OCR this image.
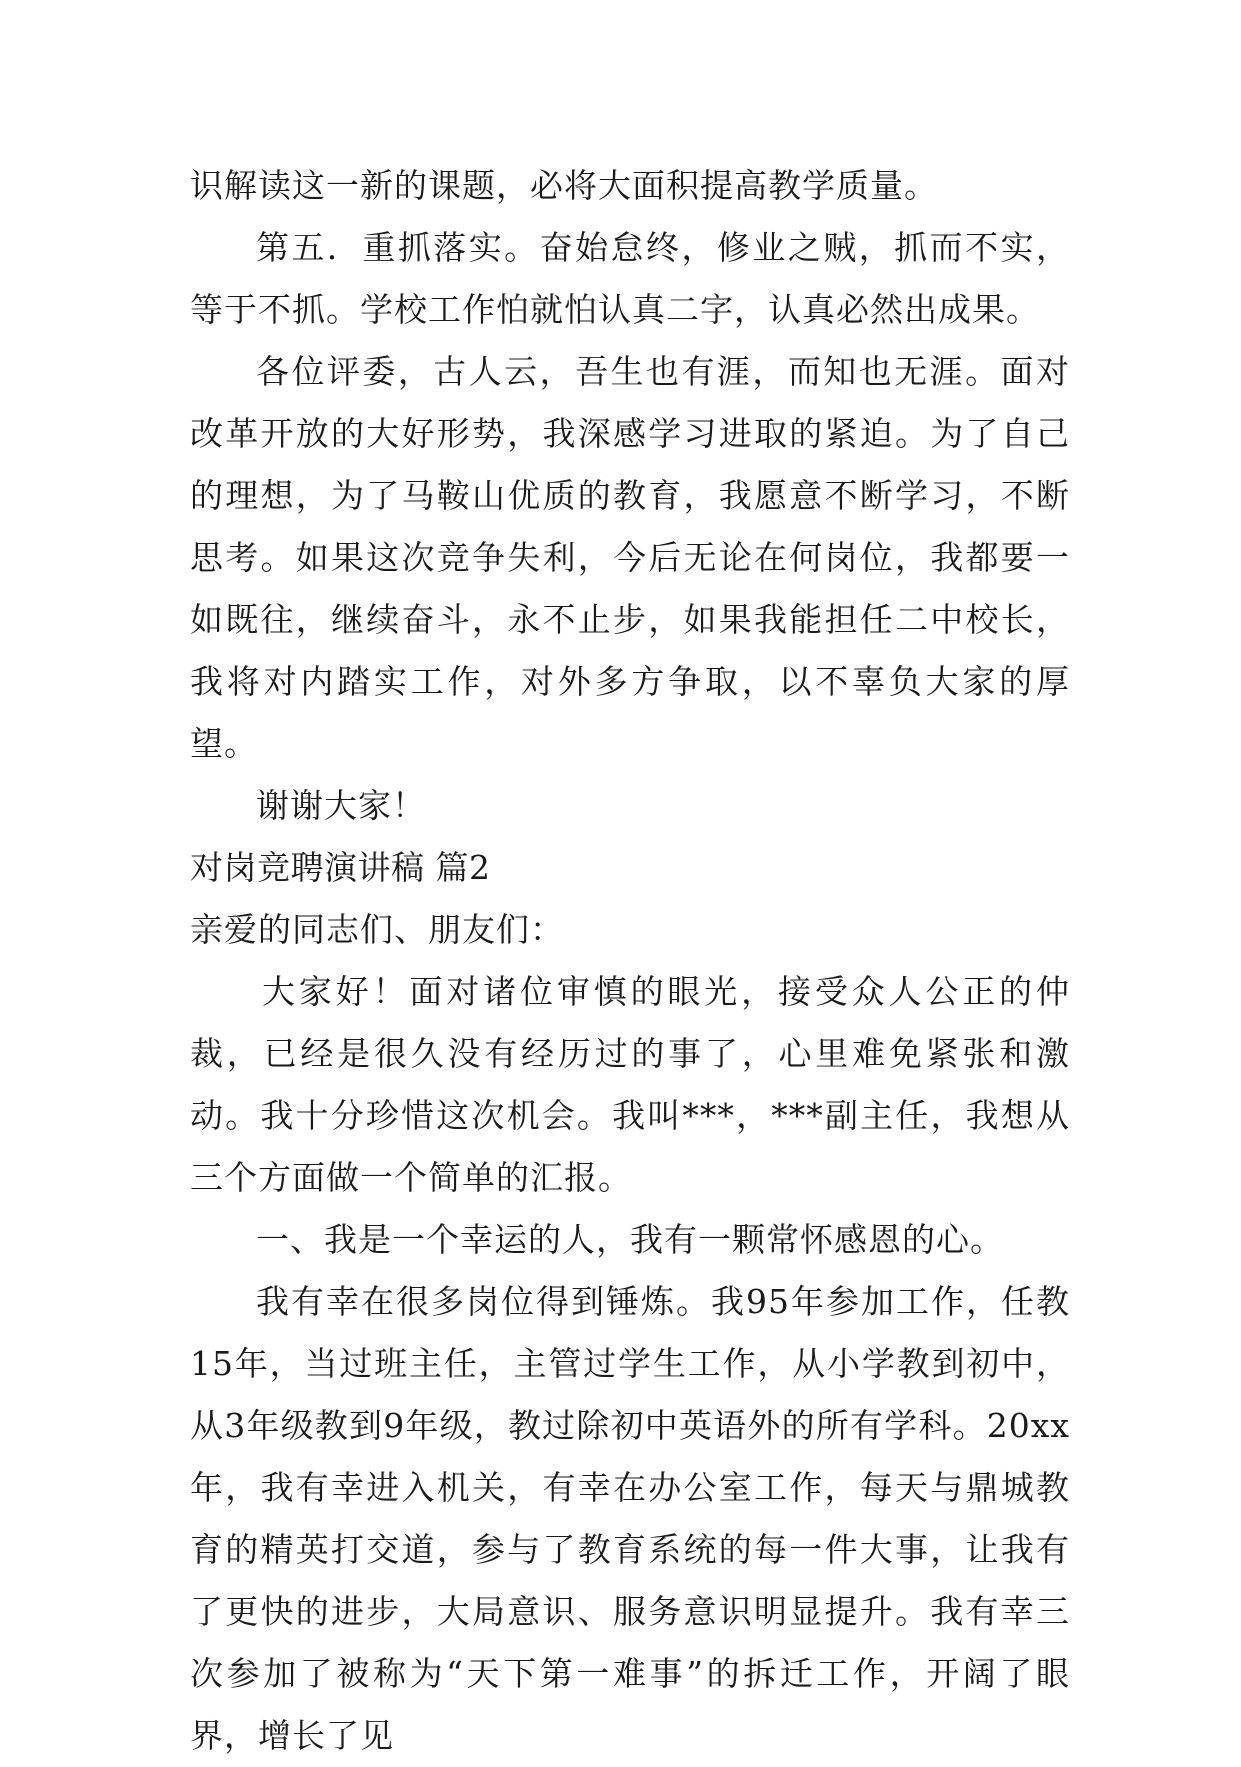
识解读这一新的课题，必将大面积提高教学质量。

第五．重抓落实。奋始怠终，修业之贼，抓而不实，等于不抓。学校工作怕就怕认真二字，认真必然出成果。

各位评委，古人云，吾生也有涯，而知也无涯。面对改革开放的大好形势，我深感学习进取的紧迫。为了自己的理想，为了马鞍山优质的教育，我愿意不断学习，不断思考。如果这次竞争失利，今后无论在何岗位，我都要一如既往，继续奋斗，永不止步，如果我能担任二中校长，我将对内踏实工作，对外多方争取，以不辜负大家的厚望。

谢谢大家！

对岗竞聘演讲稿 篇2

亲爱的同志们、朋友们：

大家好！面对诸位审慎的眼光，接受众人公正的仲裁，已经是很久没有经历过的事了，心里难免紧张和激动。我十分珍惜这次机会。我叫***，***副主任，我想从三个方面做一个简单的汇报。

一、我是一个幸运的人，我有一颗常怀感恩的心。

我有幸在很多岗位得到锤炼。我95年参加工作，任教15年，当过班主任，主管过学生工作，从小学教到初中，从3年级教到9年级，教过除初中英语外的所有学科。20xx年，我有幸进入机关，有幸在办公室工作，每天与鼎城教育的精英打交道，参与了教育系统的每一件大事，让我有了更快的进步，大局意识、服务意识明显提升。我有幸三次参加了被称为“天下第一难事”的拆迁工作，开阔了眼界，增长了见
